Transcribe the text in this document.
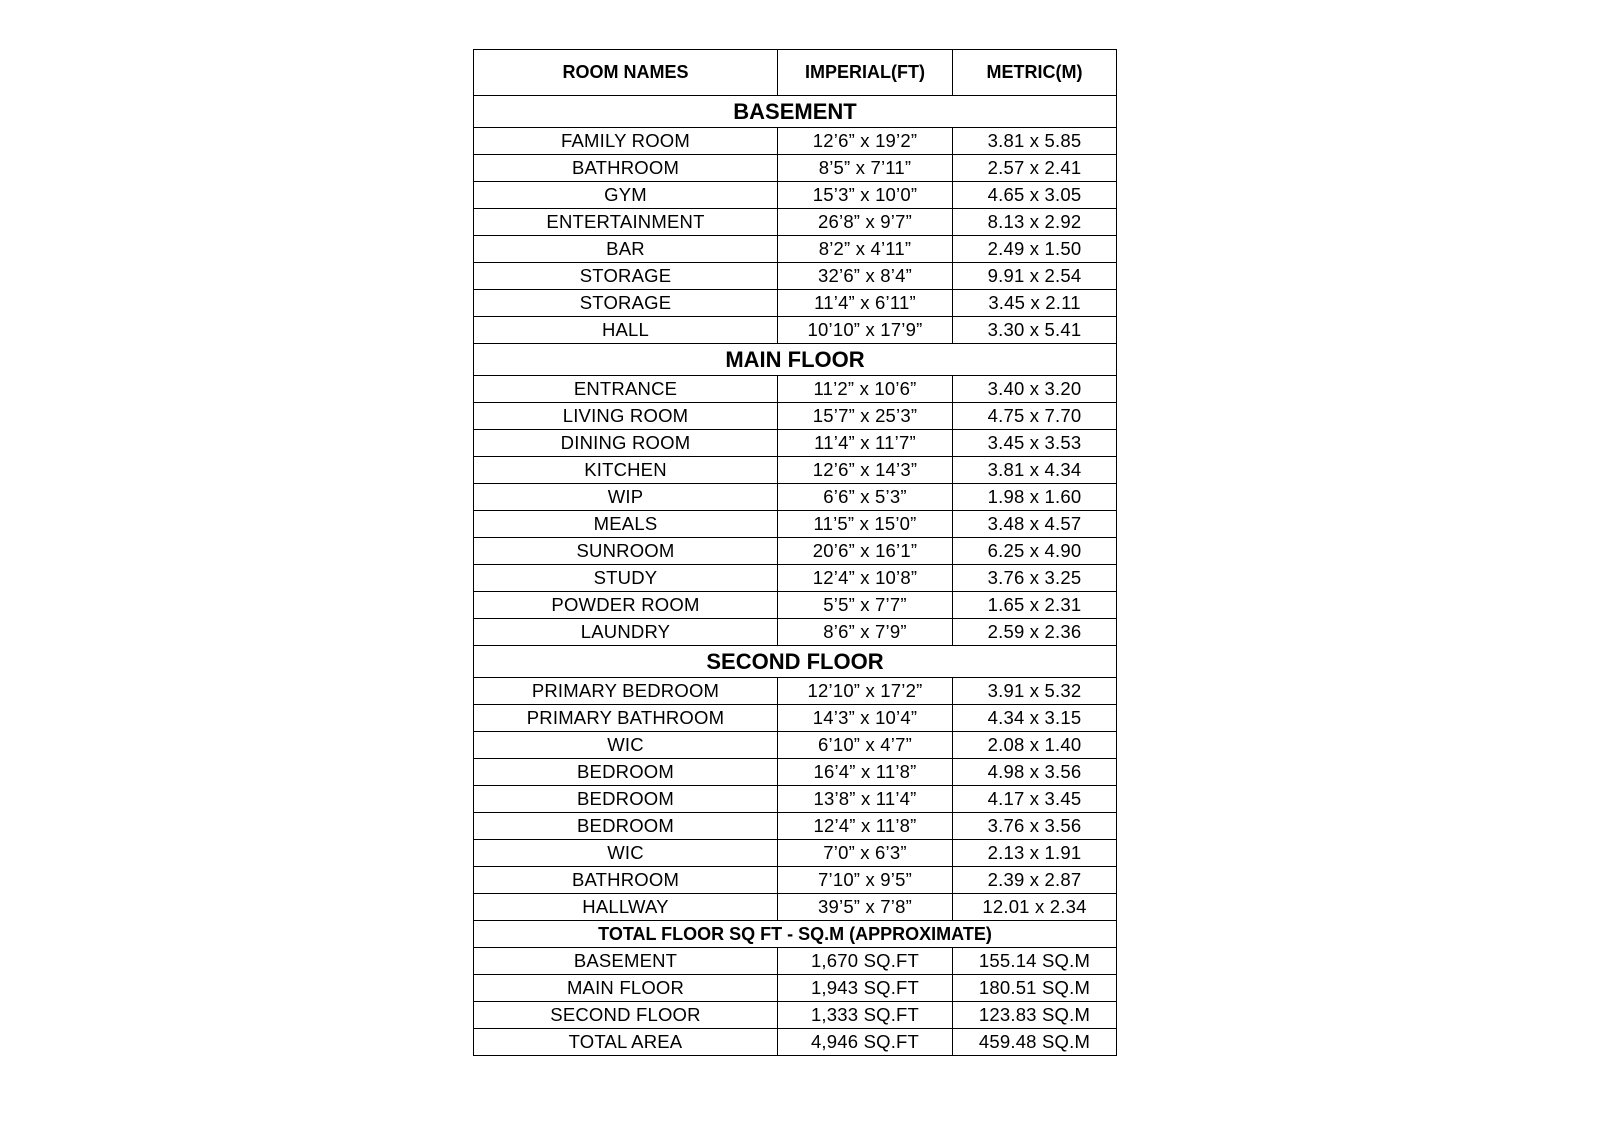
ROOM NAMES	IMPERIAL(FT)	METRIC(M)
BASEMENT		
FAMILY ROOM	12’6” x 19’2”	3.81 x 5.85
BATHROOM	8’5” x 7’11”	2.57 x 2.41
GYM	15’3” x 10’0”	4.65 x 3.05
ENTERTAINMENT	26’8” x 9’7”	8.13 x 2.92
BAR	8’2” x 4’11”	2.49 x 1.50
STORAGE	32’6” x 8’4”	9.91 x 2.54
STORAGE	11’4” x 6’11”	3.45 x 2.11
HALL	10’10” x 17’9”	3.30 x 5.41
MAIN FLOOR		
ENTRANCE	11’2” x 10’6”	3.40 x 3.20
LIVING ROOM	15’7” x 25’3”	4.75 x 7.70
DINING ROOM	11’4” x 11’7”	3.45 x 3.53
KITCHEN	12’6” x 14’3”	3.81 x 4.34
WIP	6’6” x 5’3”	1.98 x 1.60
MEALS	11’5” x 15’0”	3.48 x 4.57
SUNROOM	20’6” x 16’1”	6.25 x 4.90
STUDY	12’4” x 10’8”	3.76 x 3.25
POWDER ROOM	5’5” x 7’7”	1.65 x 2.31
LAUNDRY	8’6” x 7’9”	2.59 x 2.36
SECOND FLOOR		
PRIMARY BEDROOM	12’10” x 17’2”	3.91 x 5.32
PRIMARY BATHROOM	14’3” x 10’4”	4.34 x 3.15
WIC	6’10” x 4’7”	2.08 x 1.40
BEDROOM	16’4” x 11’8”	4.98 x 3.56
BEDROOM	13’8” x 11’4”	4.17 x 3.45
BEDROOM	12’4” x 11’8”	3.76 x 3.56
WIC	7’0” x 6’3”	2.13 x 1.91
BATHROOM	7’10” x 9’5”	2.39 x 2.87
HALLWAY	39’5” x 7’8”	12.01 x 2.34
TOTAL FLOOR SQ FT - SQ.M (APPROXIMATE)		
BASEMENT	1,670 SQ.FT	155.14 SQ.M
MAIN FLOOR	1,943 SQ.FT	180.51 SQ.M
SECOND FLOOR	1,333 SQ.FT	123.83 SQ.M
TOTAL AREA	4,946 SQ.FT	459.48 SQ.M
